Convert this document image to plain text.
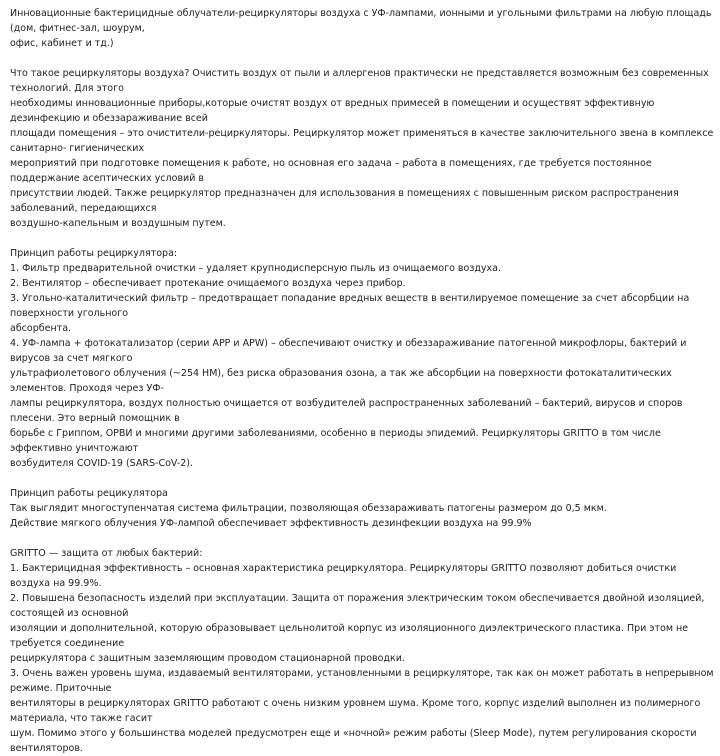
Инновационные бактерицидные облучатели-рециркуляторы воздуха с УФ-лампами, ионными и угольными фильтрами на любую площадь (дом, фитнес-зал, шоурум,

офис, кабинет и тд.)

Что такое рециркуляторы воздуха? Очистить воздух от пыли и аллергенов практически не представляется возможным без современных технологий. Для этого

необходимы инновационные приборы,которые очистят воздух от вредных примесей в помещении и осуществят эффективную дезинфекцию и обеззараживание всей

площади помещения – это очистители-рециркуляторы. Рециркулятор может применяться в качестве заключительного звена в комплексе санитарно- гигиенических

мероприятий при подготовке помещения к работе, но основная его задача – работа в помещениях, где требуется постоянное поддержание асептических условий в

присутствии людей. Также рециркулятор предназначен для использования в помещениях с повышенным риском распространения заболеваний, передающихся

воздушно-капельным и воздушным путем.

Принцип работы рециркулятора:

1. Фильтр предварительной очистки – удаляет крупнодисперсную пыль из очищаемого воздуха.

2. Вентилятор – обеспечивает протекание очищаемого воздуха через прибор.

3. Угольно-каталитический фильтр – предотвращает попадание вредных веществ в вентилируемое помещение за счет абсорбции на поверхности угольного

абсорбента.

4. УФ-лампа + фотокатализатор (серии APP и APW) – обеспечивают очистку и обеззараживание патогенной микрофлоры, бактерий и вирусов за счет мягкого

ультрафиолетового облучения (~254 НМ), без риска образования озона, а так же абсорбции на поверхности фотокаталитических элементов. Проходя через УФ-

лампы рециркулятора, воздух полностью очищается от возбудителей распространенных заболеваний – бактерий, вирусов и споров плесени. Это верный помощник в

борьбе с Гриппом, ОРВИ и многими другими заболеваниями, особенно в периоды эпидемий. Рециркуляторы GRITTO в том числе эффективно уничтожают

возбудителя COVID-19 (SARS-CoV-2).

Принцип работы рецикулятора

Так выглядит многоступенчатая система фильтрации, позволяющая обеззараживать патогены размером до 0,5 мкм.

Действие мягкого облучения УФ-лампой обеспечивает эффективность дезинфекции воздуха на 99.9%

GRITTO — защита от любых бактерий:

1. Бактерицидная эффективность – основная характеристика рециркулятора. Рециркуляторы GRITTO позволяют добиться очистки воздуха на 99.9%.

2. Повышена безопасность изделий при эксплуатации. Защита от поражения электрическим током обеспечивается двойной изоляцией, состоящей из основной

изоляции и дополнительной, которую образовывает цельнолитой корпус из изоляционного диэлектрического пластика. При этом не требуется соединение

рециркулятора с защитным заземляющим проводом стационарной проводки.

3. Очень важен уровень шума, издаваемый вентиляторами, установленными в рециркуляторе, так как он может работать в непрерывном режиме. Приточные

вентиляторы в рециркуляторах GRITTO работают с очень низким уровнем шума. Кроме того, корпус изделий выполнен из полимерного материала, что также гасит

шум. Помимо этого у большинства моделей предусмотрен еще и «ночной» режим работы (Sleep Mode), путем регулирования скорости вентиляторов.
